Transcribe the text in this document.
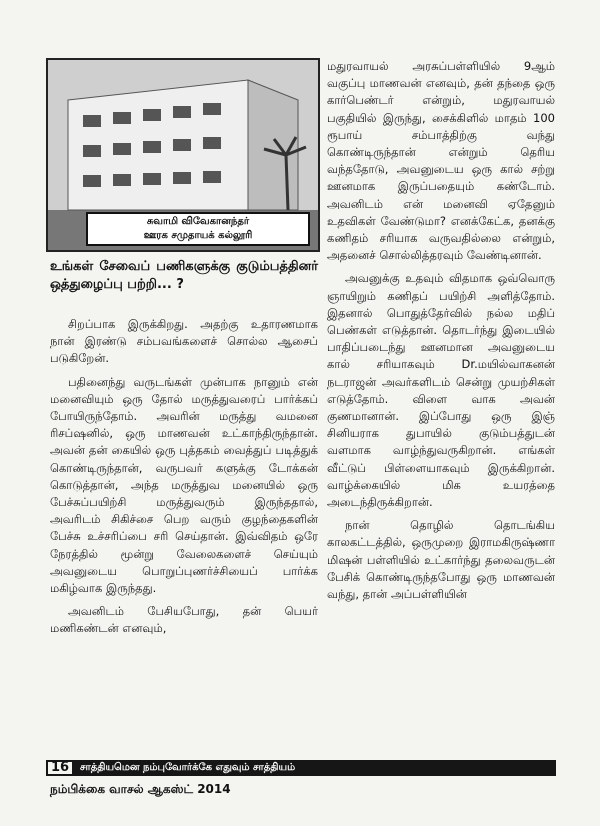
சுவாமி விவேகானந்தர்
ஊரக சமுதாயக் கல்லூரி
உங்கள் சேவைப் பணிகளுக்கு குடும்பத்தினர் ஒத்துழைப்பு பற்றி... ?

சிறப்பாக இருக்கிறது. அதற்கு உதாரணமாக நான் இரண்டு சம்பவங்களைச் சொல்ல ஆசைப் படுகிறேன்.

பதினைந்து வருடங்கள் முன்பாக நானும் என் மனைவியும் ஒரு தோல் மருத்துவரைப் பார்க்கப் போயிருந்தோம். அவரின் மருத்து வமனை ரிசப்ஷனில், ஒரு மாணவன் உட்காந்திருந்தான். அவன் தன் கையில் ஒரு புத்தகம் வைத்துப் படித்துக் கொண்டிருந்தான், வருபவர் களுக்கு டோக்கன் கொடுத்தான், அந்த மருத்துவ மனையில் ஒரு பேச்சுப்பயிற்சி மருத்துவரும் இருந்ததால், அவரிடம் சிகிச்சை பெற வரும் குழந்தைகளின் பேச்சு உச்சரிப்பை சரி செய்தான். இவ்விதம் ஒரே நேரத்தில் மூன்று வேலைகளைச் செய்யும் அவனுடைய பொறுப்புணர்ச்சியைப் பார்க்க மகிழ்வாக இருந்தது.

அவனிடம் பேசியபோது, தன் பெயர் மணிகண்டன் எனவும்,

மதுரவாயல் அரசுப்பள்ளியில் 9ஆம் வகுப்பு மாணவன் எனவும், தன் தந்தை ஒரு கார்பெண்டர் என்றும், மதுரவாயல் பகுதியில் இருந்து, சைக்கிளில் மாதம் 100 ரூபாய் சம்பாத்திற்கு வந்து கொண்டிருந்தான் என்றும் தெரிய வந்ததோடு, அவனுடைய ஒரு கால் சற்று ஊனமாக இருப்பதையும் கண்டோம். அவனிடம் என் மனைவி ஏதேனும் உதவிகள் வேண்டுமா? எனக்கேட்க, தனக்கு கணிதம் சரியாக வருவதில்லை என்றும், அதனைச் சொல்லித்தரவும் வேண்டினான்.

அவனுக்கு உதவும் விதமாக ஒவ்வொரு ஞாயிறும் கணிதப் பயிற்சி அளித்தோம். இதனால் பொதுத்தேர்வில் நல்ல மதிப் பெண்கள் எடுத்தான். தொடர்ந்து இடையில் பாதிப்படைந்து ஊனமான அவனுடைய கால் சரியாகவும் Dr.மயில்வாகனன் நடராஜன் அவர்களிடம் சென்று முயற்சிகள் எடுத்தோம். விளை வாக அவன் குணமானான். இப்போது ஒரு இஞ் சினியராக துபாயில் குடும்பத்துடன் வளமாக வாழ்ந்துவருகிறான். எங்கள் வீட்டுப் பிள்ளையாகவும் இருக்கிறான். வாழ்க்கையில் மிக உயரத்தை அடைந்திருக்கிறான்.

நான் தொழில் தொடங்கிய காலகட்டத்தில், ஒருமுறை இராமகிருஷ்ணா மிஷன் பள்ளியில் உட்கார்ந்து தலைவருடன் பேசிக் கொண்டிருந்தபோது ஒரு மாணவன் வந்து, தான் அப்பள்ளியின்

16	சாத்தியமென நம்புவோர்க்கே எதுவும் சாத்தியம்
நம்பிக்கை வாசல் ஆகஸ்ட் 2014
